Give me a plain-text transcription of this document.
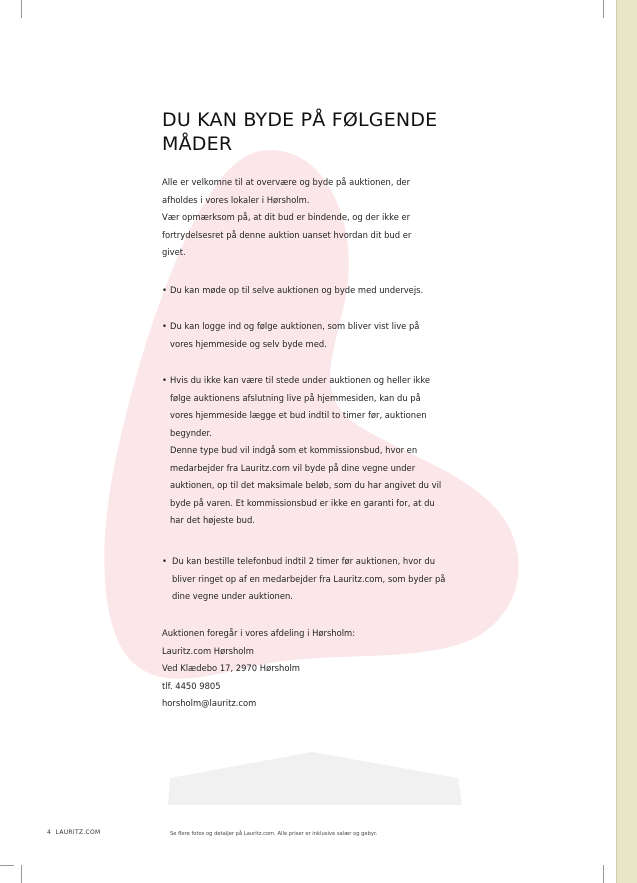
DU KAN BYDE PÅ FØLGENDE
MÅDER
Alle er velkomne til at overvære og byde på auktionen, der
afholdes i vores lokaler i Hørsholm.
Vær opmærksom på, at dit bud er bindende, og der ikke er
fortrydelsesret på denne auktion uanset hvordan dit bud er
givet.
• Du kan møde op til selve auktionen og byde med undervejs.
• Du kan logge ind og følge auktionen, som bliver vist live på
vores hjemmeside og selv byde med.
• Hvis du ikke kan være til stede under auktionen og heller ikke
følge auktionens afslutning live på hjemmesiden, kan du på
vores hjemmeside lægge et bud indtil to timer før, auktionen
begynder.
Denne type bud vil indgå som et kommissionsbud, hvor en
medarbejder fra Lauritz.com vil byde på dine vegne under
auktionen, op til det maksimale beløb, som du har angivet du vil
byde på varen. Et kommissionsbud er ikke en garanti for, at du
har det højeste bud.
• Du kan bestille telefonbud indtil 2 timer før auktionen, hvor du
bliver ringet op af en medarbejder fra Lauritz.com, som byder på
dine vegne under auktionen.
Auktionen foregår i vores afdeling i Hørsholm:
Lauritz.com Hørsholm
Ved Klædebo 17, 2970 Hørsholm
tlf. 4450 9805
horsholm@lauritz.com
4 LAURITZ.COM	Se flere fotos og detaljer på Lauritz.com. Alle priser er inklusive salær og gebyr.
